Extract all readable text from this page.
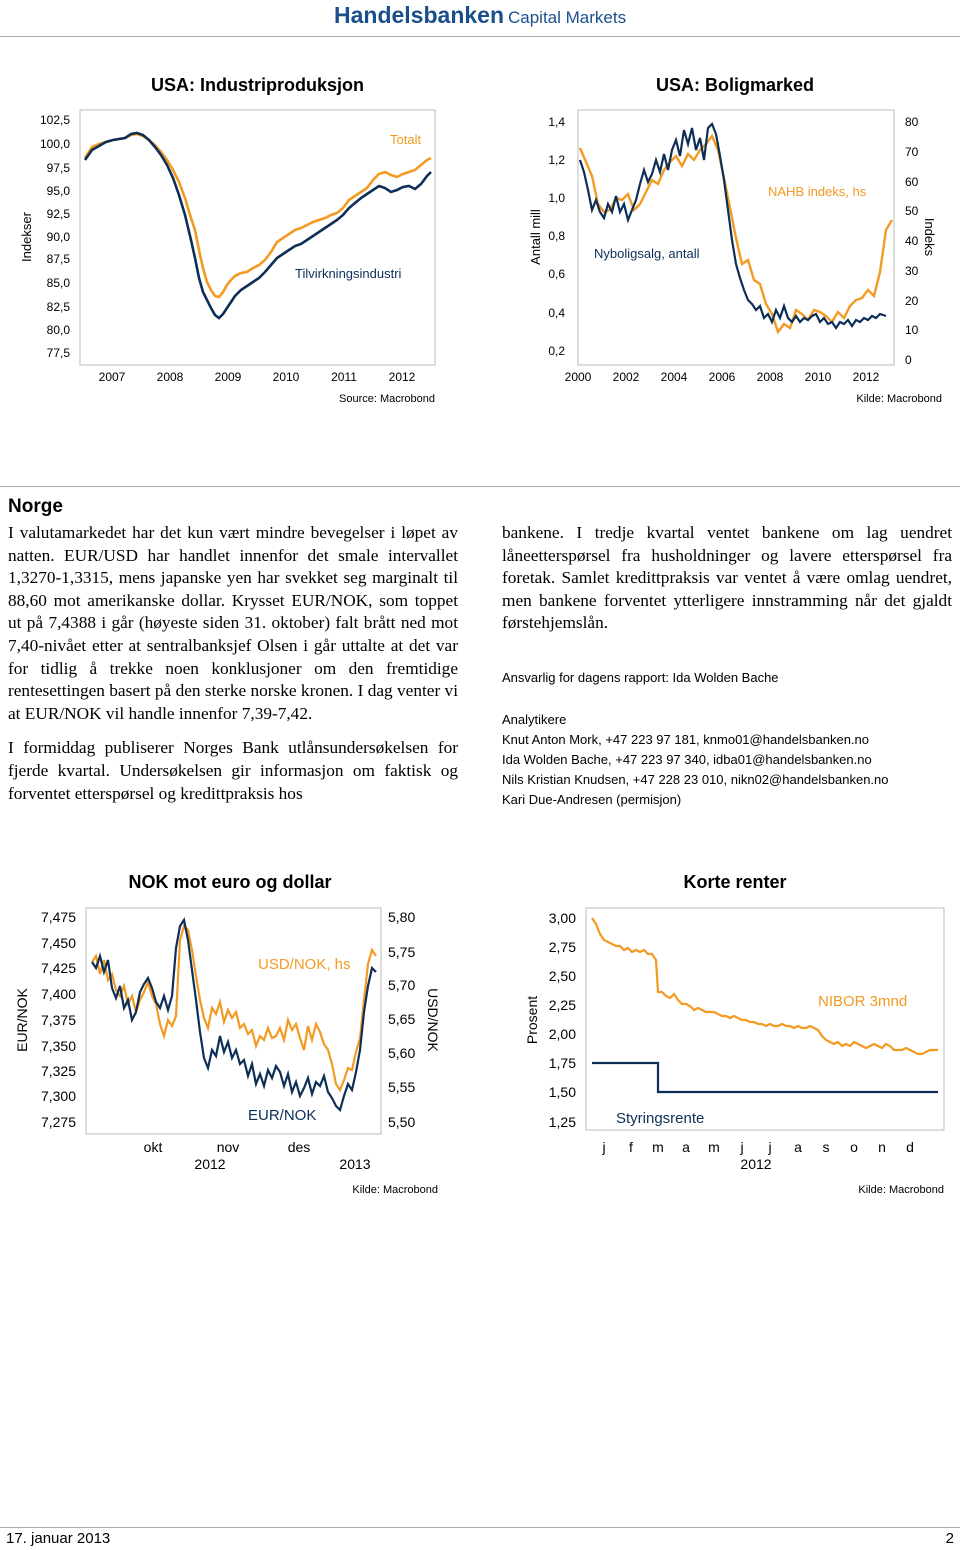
Handelsbanken Capital Markets
USA: Industriproduksjon
Indekser
102,5
100,0
97,5
95,0
92,5
90,0
87,5
85,0
82,5
80,0
77,5
2007	2008	2009	2010	2011	2012
Totalt
Tilvirkningsindustri
Source: Macrobond
USA: Boligmarked
Antall mill	Indeks
1,4
1,2
1,0
0,8
0,6
0,4
0,2
80
70
60
50
40
30
20
10
0
2000 2002 2004 2006 2008 2010 2012
NAHB indeks, hs
Nyboligsalg, antall
Kilde: Macrobond
Norge

I valutamarkedet har det kun vært mindre bevegelser i løpet av natten. EUR/USD har handlet innenfor det smale intervallet 1,3270-1,3315, mens japanske yen har svekket seg marginalt til 88,60 mot amerikanske dollar. Krysset EUR/NOK, som toppet ut på 7,4388 i går (høyeste siden 31. oktober) falt brått ned mot 7,40-nivået etter at sentralbanksjef Olsen i går uttalte at det var for tidlig å trekke noen konklusjoner om den fremtidige rentesettingen basert på den sterke norske kronen. I dag venter vi at EUR/NOK vil handle innenfor 7,39-7,42.

I formiddag publiserer Norges Bank utlånsundersøkelsen for fjerde kvartal. Undersøkelsen gir informasjon om faktisk og forventet etterspørsel og kredittpraksis hos

bankene. I tredje kvartal ventet bankene om lag uendret låneetterspørsel fra husholdninger og lavere etterspørsel fra foretak. Samlet kredittpraksis var ventet å være omlag uendret, men bankene forventet ytterligere innstramming når det gjaldt førstehjemslån.

Ansvarlig for dagens rapport: Ida Wolden Bache
Analytikere
Knut Anton Mork, +47 223 97 181, knmo01@handelsbanken.no
Ida Wolden Bache, +47 223 97 340, idba01@handelsbanken.no
Nils Kristian Knudsen, +47 228 23 010, nikn02@handelsbanken.no
Kari Due-Andresen (permisjon)
NOK mot euro og dollar
EUR/NOK	USD/NOK
7,475
7,450
7,425
7,400
7,375
7,350
7,325
7,300
7,275
5,80
5,75
5,70
5,65
5,60
5,55
5,50
okt	nov	des
2012	2013
USD/NOK, hs
EUR/NOK
Kilde: Macrobond
Korte renter
Prosent
3,00
2,75
2,50
2,25
2,00
1,75
1,50
1,25
j f m a m j j a s o n d
2012
NIBOR 3mnd
Styringsrente
Kilde: Macrobond
17. januar 2013	2
